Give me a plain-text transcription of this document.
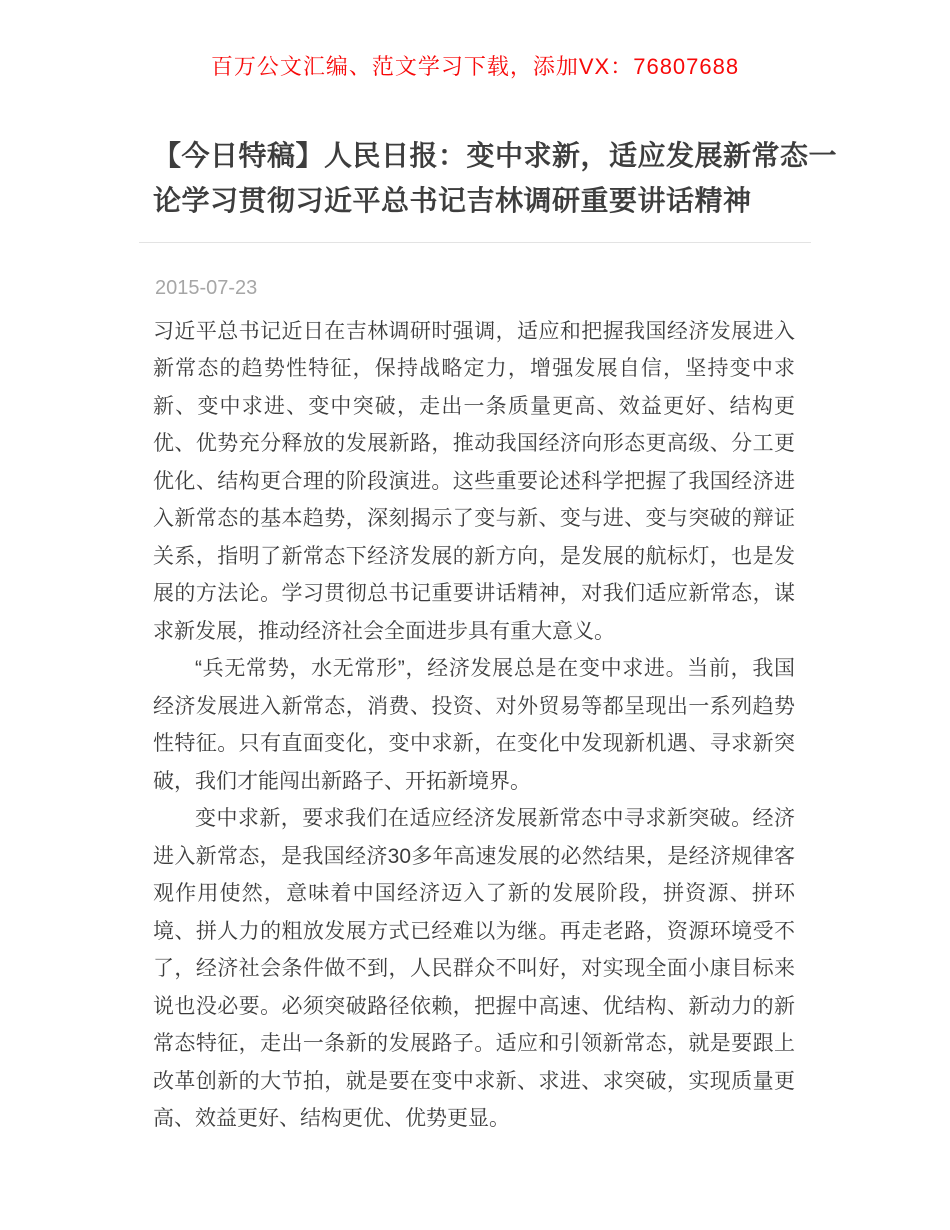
百万公文汇编、范文学习下载，添加VX：76807688
【今日特稿】人民日报：变中求新，适应发展新常态一论学习贯彻习近平总书记吉林调研重要讲话精神
2015-07-23

习近平总书记近日在吉林调研时强调，适应和把握我国经济发展进入新常态的趋势性特征，保持战略定力，增强发展自信，坚持变中求新、变中求进、变中突破，走出一条质量更高、效益更好、结构更优、优势充分释放的发展新路，推动我国经济向形态更高级、分工更优化、结构更合理的阶段演进。这些重要论述科学把握了我国经济进入新常态的基本趋势，深刻揭示了变与新、变与进、变与突破的辩证关系，指明了新常态下经济发展的新方向，是发展的航标灯，也是发展的方法论。学习贯彻总书记重要讲话精神，对我们适应新常态，谋求新发展，推动经济社会全面进步具有重大意义。

“兵无常势，水无常形”，经济发展总是在变中求进。当前，我国经济发展进入新常态，消费、投资、对外贸易等都呈现出一系列趋势性特征。只有直面变化，变中求新，在变化中发现新机遇、寻求新突破，我们才能闯出新路子、开拓新境界。

变中求新，要求我们在适应经济发展新常态中寻求新突破。经济进入新常态，是我国经济30多年高速发展的必然结果，是经济规律客观作用使然，意味着中国经济迈入了新的发展阶段，拼资源、拼环境、拼人力的粗放发展方式已经难以为继。再走老路，资源环境受不了，经济社会条件做不到，人民群众不叫好，对实现全面小康目标来说也没必要。必须突破路径依赖，把握中高速、优结构、新动力的新常态特征，走出一条新的发展路子。适应和引领新常态，就是要跟上改革创新的大节拍，就是要在变中求新、求进、求突破，实现质量更高、效益更好、结构更优、优势更显。
